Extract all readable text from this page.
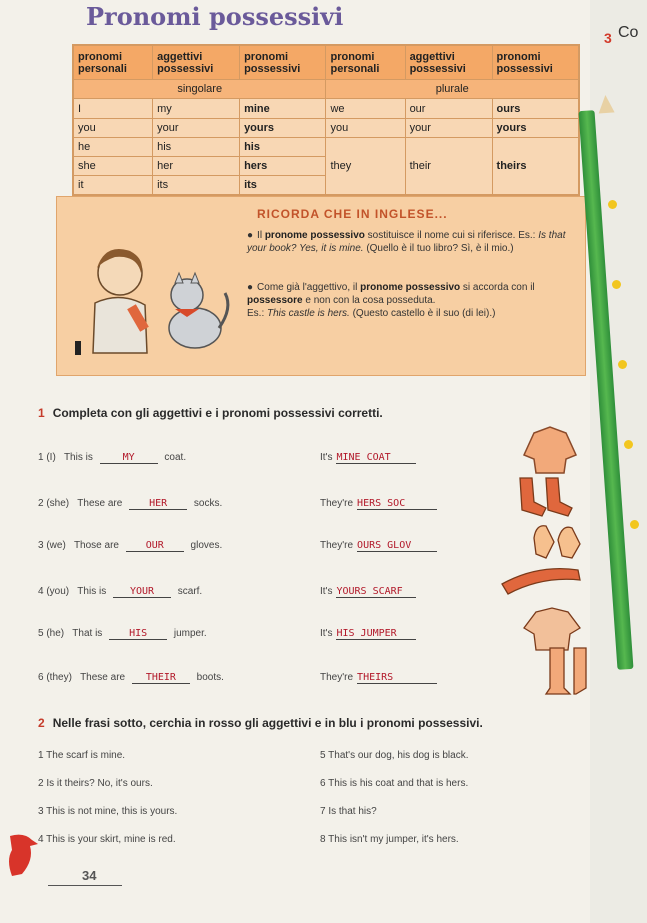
Pronomi possessivi
pronomi personali	aggettivi possessivi	pronomi possessivi	pronomi personali	aggettivi possessivi	pronomi possessivi
singolare			plurale		
I	my	mine	we	our	ours
you	your	yours	you	your	yours
he	his	his	they	their	theirs
she	her	hers			
it	its	its			
RICORDA CHE IN INGLESE...
● Il pronome possessivo sostituisce il nome cui si riferisce. Es.: Is that your book? Yes, it is mine. (Quello è il tuo libro? Sì, è il mio.)
● Come già l'aggettivo, il pronome possessivo si accorda con il possessore e non con la cosa posseduta.
Es.: This castle is hers. (Questo castello è il suo (di lei).)
1 Completa con gli aggettivi e i pronomi possessivi corretti.
1 (I) This is	MY	coat.	It's MINE COAT
2 (she) These are	HER	socks.	They're HERS SOC
3 (we) Those are	OUR	gloves.	They're OURS GLOV
4 (you) This is YOUR scarf.	It's YOURS SCARF
5 (he) That is	HIS	jumper.	It's HIS JUMPER
6 (they) These are THEIR boots.	They're THEIRS
2 Nelle frasi sotto, cerchia in rosso gli aggettivi e in blu i pronomi possessivi.
1 The scarf is mine.
2 Is it theirs? No, it's ours.
3 This is not mine, this is yours.
4 This is your skirt, mine is red.
5 That's our dog, his dog is black.
6 This is his coat and that is hers.
7 Is that his?
8 This isn't my jumper, it's hers.
34
3 Co
